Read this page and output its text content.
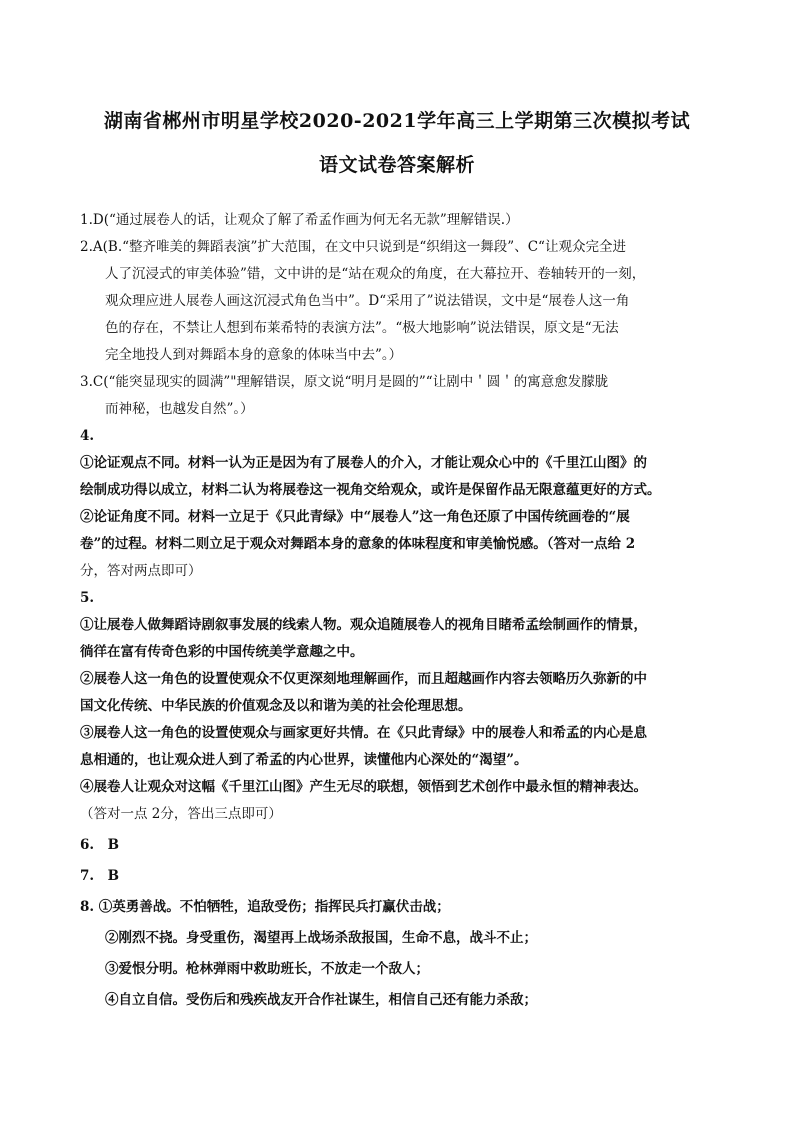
湖南省郴州市明星学校2020-2021学年高三上学期第三次模拟考试
语文试卷答案解析
1.D(“通过展卷人的话，让观众了解了希孟作画为何无名无款”理解错误.）
2.A(B.“整齐唯美的舞蹈表演”扩大范围，在文中只说到是“织绢这一舞段”、C“让观众完全进
人了沉浸式的审美体验”错，文中讲的是“站在观众的角度，在大幕拉开、卷轴转开的一刻，
观众理应进人展卷人画这沉浸式角色当中”。D“采用了”说法错误，文中是“展卷人这一角
色的存在，不禁让人想到布莱希特的表演方法”。“极大地影响”说法错误，原文是“无法
完全地投人到对舞蹈本身的意象的体味当中去”。）
3.C(“能突显现实的圆满”"理解错误，原文说“明月是圆的”“让剧中＇圆＇的寓意愈发朦胧
而神秘，也越发自然”。）
4.
①论证观点不同。材料一认为正是因为有了展卷人的介入，才能让观众心中的《千里江山图》的
绘制成功得以成立，材料二认为将展卷这一视角交给观众，或许是保留作品无限意蕴更好的方式。
②论证角度不同。材料一立足于《只此青绿》中“展卷人”这一角色还原了中国传统画卷的“展
卷”的过程。材料二则立足于观众对舞蹈本身的意象的体味程度和审美愉悦感。（答对一点给 2
分，答对两点即可）
5.
①让展卷人做舞蹈诗剧叙事发展的线索人物。观众追随展卷人的视角目睹希孟绘制画作的情景，
徜徉在富有传奇色彩的中国传统美学意趣之中。
②展卷人这一角色的设置使观众不仅更深刻地理解画作，而且超越画作内容去领略历久弥新的中
国文化传统、中华民族的价值观念及以和谐为美的社会伦理思想。
③展卷人这一角色的设置使观众与画家更好共情。在《只此青绿》中的展卷人和希孟的内心是息
息相通的，也让观众进人到了希孟的内心世界，读懂他内心深处的“渴望”。
④展卷人让观众对这幅《千里江山图》产生无尽的联想，领悟到艺术创作中最永恒的精神表达。
（答对一点 2分，答出三点即可）
6.　B
7.　B
8. ①英勇善战。不怕牺牲，追敌受伤；指挥民兵打赢伏击战；
②刚烈不挠。身受重伤，渴望再上战场杀敌报国，生命不息，战斗不止；
③爱恨分明。枪林弹雨中救助班长，不放走一个敌人；
④自立自信。受伤后和残疾战友开合作社谋生，相信自己还有能力杀敌；
